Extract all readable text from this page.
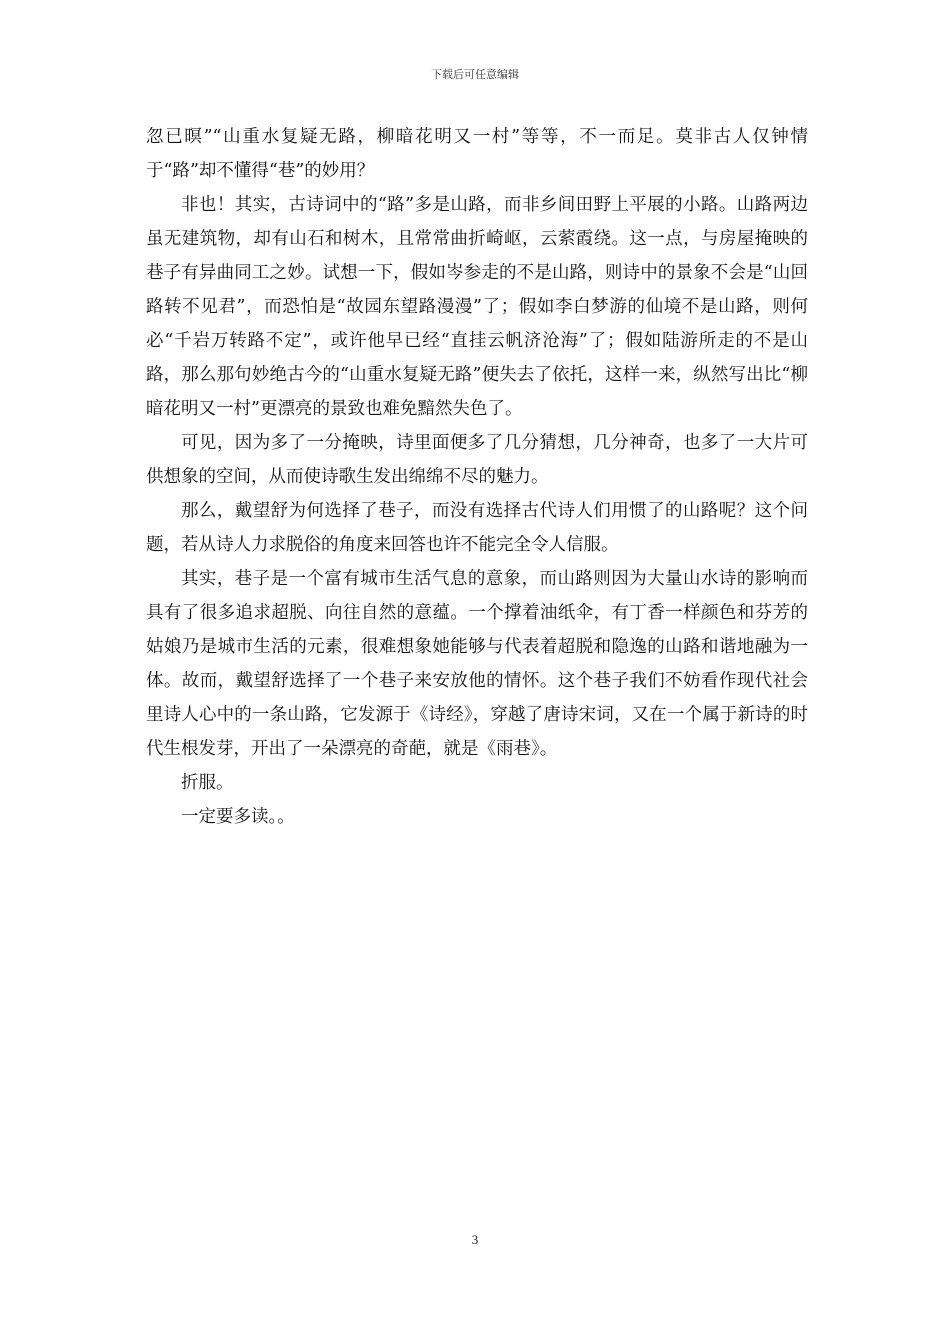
下载后可任意编辑

忽已暝”“山重水复疑无路，柳暗花明又一村”等等，不一而足。莫非古人仅钟情于“路”却不懂得“巷”的妙用？

非也！其实，古诗词中的“路”多是山路，而非乡间田野上平展的小路。山路两边虽无建筑物，却有山石和树木，且常常曲折崎岖，云萦霞绕。这一点，与房屋掩映的巷子有异曲同工之妙。试想一下，假如岑参走的不是山路，则诗中的景象不会是“山回路转不见君”，而恐怕是“故园东望路漫漫”了；假如李白梦游的仙境不是山路，则何必“千岩万转路不定”，或许他早已经“直挂云帆济沧海”了；假如陆游所走的不是山路，那么那句妙绝古今的“山重水复疑无路”便失去了依托，这样一来，纵然写出比“柳暗花明又一村”更漂亮的景致也难免黯然失色了。

可见，因为多了一分掩映，诗里面便多了几分猜想，几分神奇，也多了一大片可供想象的空间，从而使诗歌生发出绵绵不尽的魅力。

那么，戴望舒为何选择了巷子，而没有选择古代诗人们用惯了的山路呢？这个问题，若从诗人力求脱俗的角度来回答也许不能完全令人信服。

其实，巷子是一个富有城市生活气息的意象，而山路则因为大量山水诗的影响而具有了很多追求超脱、向往自然的意蕴。一个撑着油纸伞，有丁香一样颜色和芬芳的姑娘乃是城市生活的元素，很难想象她能够与代表着超脱和隐逸的山路和谐地融为一体。故而，戴望舒选择了一个巷子来安放他的情怀。这个巷子我们不妨看作现代社会里诗人心中的一条山路，它发源于《诗经》，穿越了唐诗宋词，又在一个属于新诗的时代生根发芽，开出了一朵漂亮的奇葩，就是《雨巷》。

折服。

一定要多读。。

3
